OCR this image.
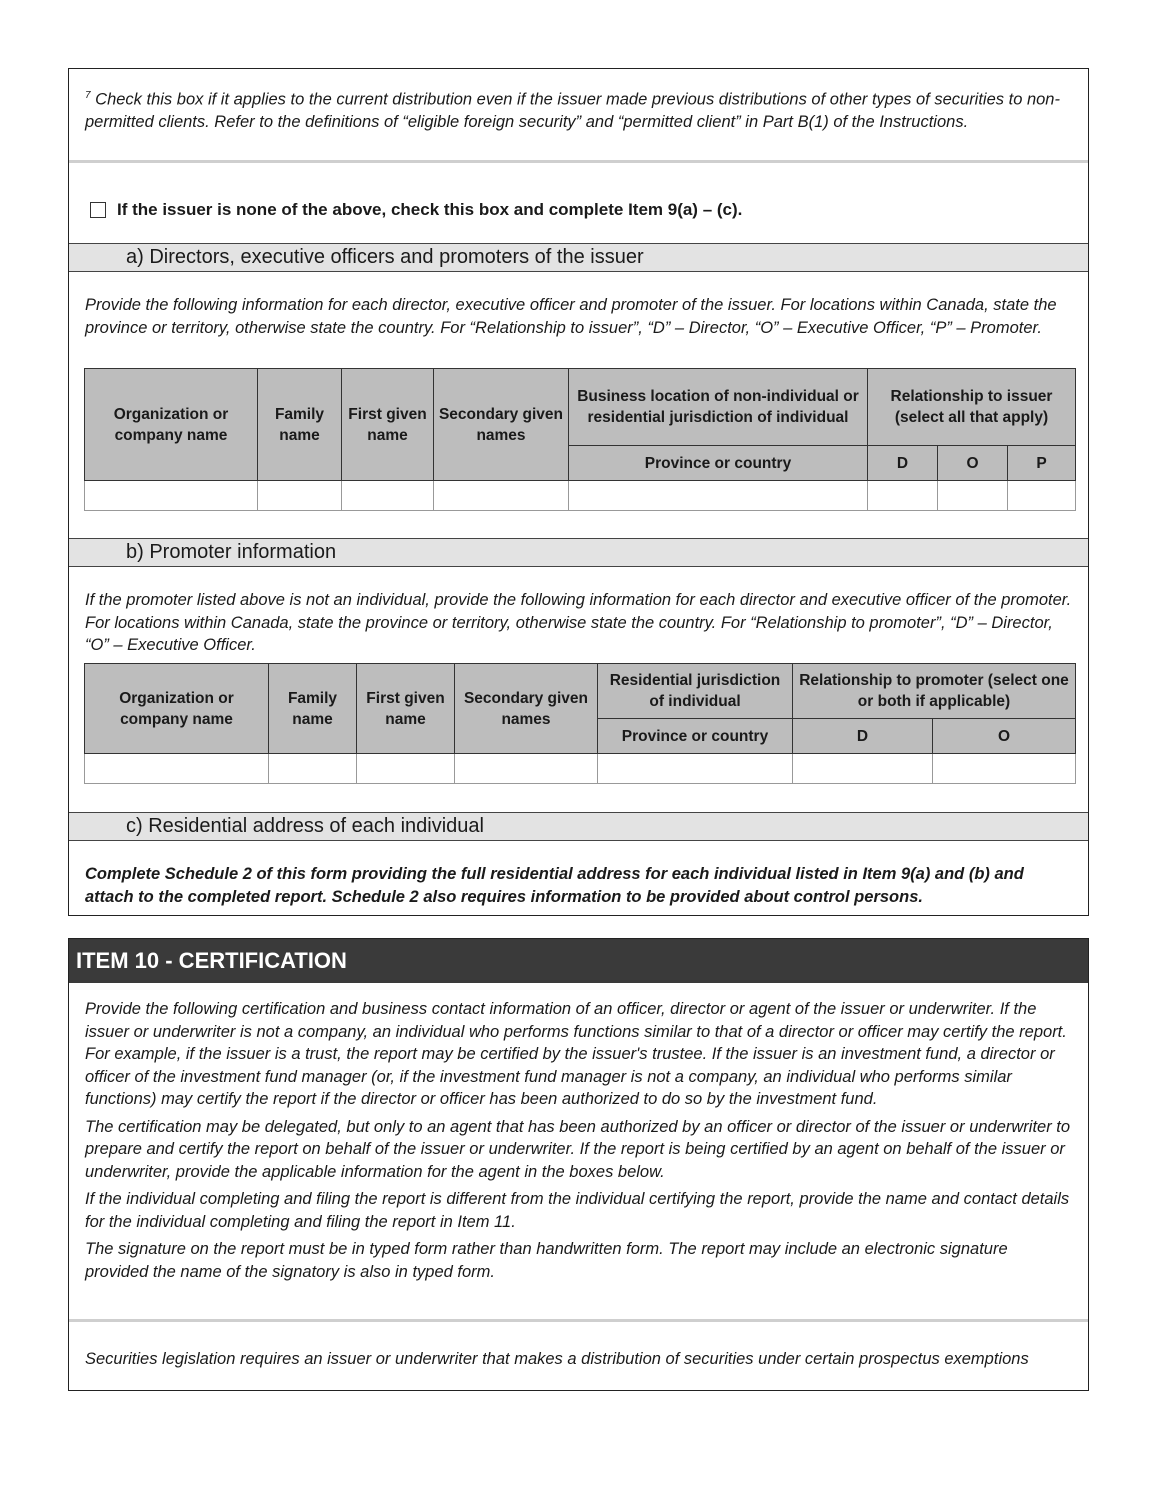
$^7$ Check this box if it applies to the current distribution even if the issuer made previous distributions of other types of securities to non-permitted clients. Refer to the definitions of “eligible foreign security” and “permitted client” in Part B(1) of the Instructions.

If the issuer is none of the above, check this box and complete Item 9(a) – (c).
a) Directors, executive officers and promoters of the issuer

Provide the following information for each director, executive officer and promoter of the issuer. For locations within Canada, state the province or territory, otherwise state the country. For “Relationship to issuer”, “D” – Director, “O” – Executive Officer, “P” – Promoter.

Organization or company name	Family name	First given name	Secondary given names	Business location of non-individual or residential jurisdiction of individual	Relationship to issuer (select all that apply)		
				Province or country	D	O	P

b) Promoter information

If the promoter listed above is not an individual, provide the following information for each director and executive officer of the promoter. For locations within Canada, state the province or territory, otherwise state the country. For “Relationship to promoter”, “D” – Director, “O” – Executive Officer.

Organization or company name	Family name	First given name	Secondary given names	Residential jurisdiction of individual	Relationship to promoter (select one or both if applicable)	
				Province or country	D	O

c) Residential address of each individual

Complete Schedule 2 of this form providing the full residential address for each individual listed in Item 9(a) and (b) and attach to the completed report. Schedule 2 also requires information to be provided about control persons.

ITEM 10 - CERTIFICATION

Provide the following certification and business contact information of an officer, director or agent of the issuer or underwriter. If the issuer or underwriter is not a company, an individual who performs functions similar to that of a director or officer may certify the report. For example, if the issuer is a trust, the report may be certified by the issuer's trustee. If the issuer is an investment fund, a director or officer of the investment fund manager (or, if the investment fund manager is not a company, an individual who performs similar functions) may certify the report if the director or officer has been authorized to do so by the investment fund.

The certification may be delegated, but only to an agent that has been authorized by an officer or director of the issuer or underwriter to prepare and certify the report on behalf of the issuer or underwriter. If the report is being certified by an agent on behalf of the issuer or underwriter, provide the applicable information for the agent in the boxes below.

If the individual completing and filing the report is different from the individual certifying the report, provide the name and contact details for the individual completing and filing the report in Item 11.

The signature on the report must be in typed form rather than handwritten form. The report may include an electronic signature provided the name of the signatory is also in typed form.

Securities legislation requires an issuer or underwriter that makes a distribution of securities under certain prospectus exemptions
